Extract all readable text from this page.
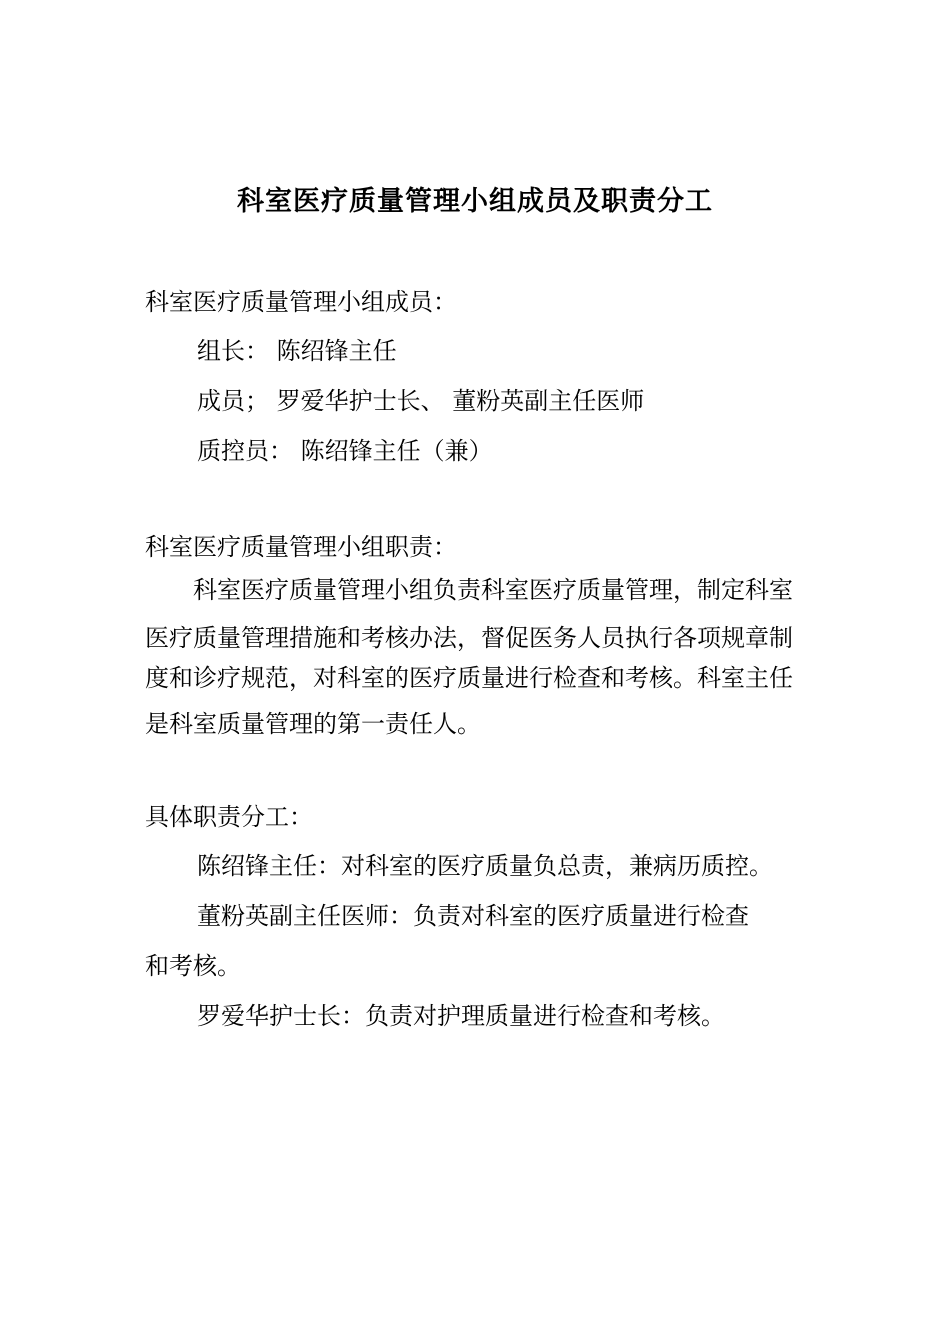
科室医疗质量管理小组成员及职责分工
科室医疗质量管理小组成员：
组长： 陈绍锋主任
成员； 罗爱华护士长、 董粉英副主任医师
质控员： 陈绍锋主任（兼）
科室医疗质量管理小组职责：
科室医疗质量管理小组负责科室医疗质量管理，制定科室
医疗质量管理措施和考核办法，督促医务人员执行各项规章制
度和诊疗规范，对科室的医疗质量进行检查和考核。科室主任
是科室质量管理的第一责任人。
具体职责分工：
陈绍锋主任：对科室的医疗质量负总责，兼病历质控。
董粉英副主任医师：负责对科室的医疗质量进行检查
和考核。
罗爱华护士长：负责对护理质量进行检查和考核。
